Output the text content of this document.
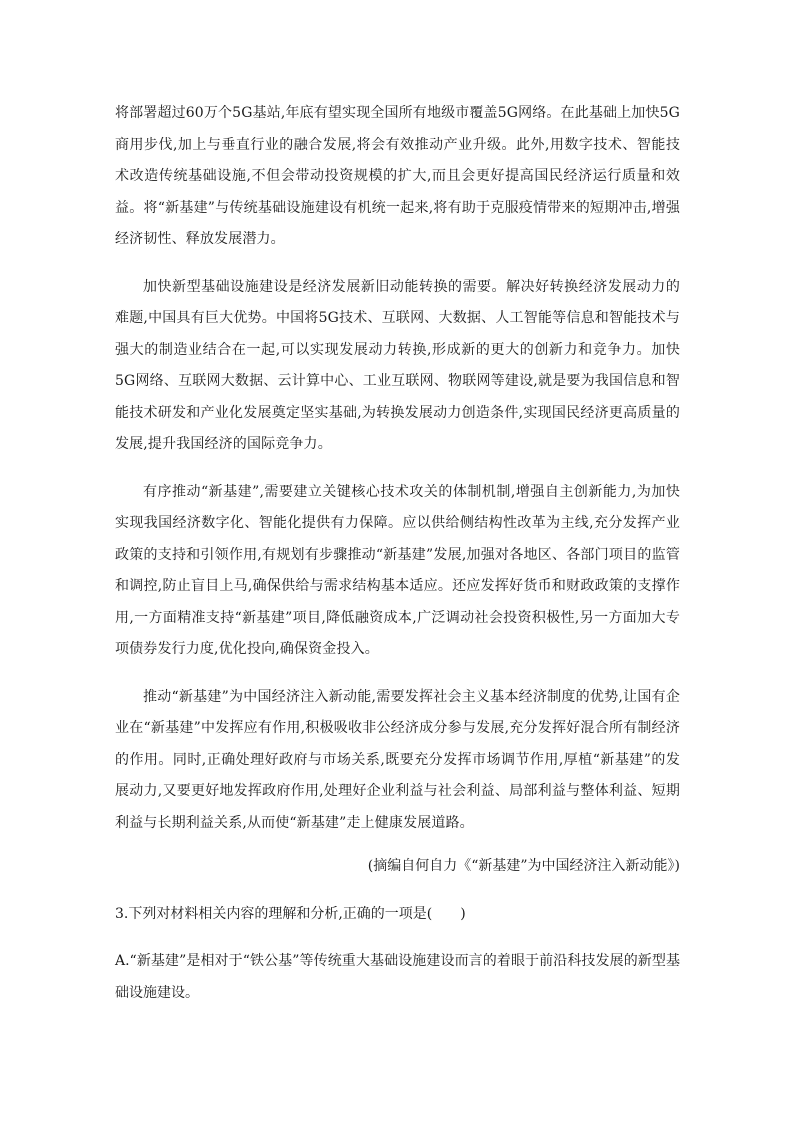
将部署超过60万个5G基站,年底有望实现全国所有地级市覆盖5G网络。在此基础上加快5G商用步伐,加上与垂直行业的融合发展,将会有效推动产业升级。此外,用数字技术、智能技术改造传统基础设施,不但会带动投资规模的扩大,而且会更好提高国民经济运行质量和效益。将“新基建”与传统基础设施建设有机统一起来,将有助于克服疫情带来的短期冲击,增强经济韧性、释放发展潜力。

加快新型基础设施建设是经济发展新旧动能转换的需要。解决好转换经济发展动力的难题,中国具有巨大优势。中国将5G技术、互联网、大数据、人工智能等信息和智能技术与强大的制造业结合在一起,可以实现发展动力转换,形成新的更大的创新力和竞争力。加快5G网络、互联网大数据、云计算中心、工业互联网、物联网等建设,就是要为我国信息和智能技术研发和产业化发展奠定坚实基础,为转换发展动力创造条件,实现国民经济更高质量的发展,提升我国经济的国际竞争力。

有序推动“新基建”,需要建立关键核心技术攻关的体制机制,增强自主创新能力,为加快实现我国经济数字化、智能化提供有力保障。应以供给侧结构性改革为主线,充分发挥产业政策的支持和引领作用,有规划有步骤推动“新基建”发展,加强对各地区、各部门项目的监管和调控,防止盲目上马,确保供给与需求结构基本适应。还应发挥好货币和财政政策的支撑作用,一方面精准支持“新基建”项目,降低融资成本,广泛调动社会投资积极性,另一方面加大专项债券发行力度,优化投向,确保资金投入。

推动“新基建”为中国经济注入新动能,需要发挥社会主义基本经济制度的优势,让国有企业在“新基建”中发挥应有作用,积极吸收非公经济成分参与发展,充分发挥好混合所有制经济的作用。同时,正确处理好政府与市场关系,既要充分发挥市场调节作用,厚植“新基建”的发展动力,又要更好地发挥政府作用,处理好企业利益与社会利益、局部利益与整体利益、短期利益与长期利益关系,从而使“新基建”走上健康发展道路。

(摘编自何自力《“新基建”为中国经济注入新动能》)

3.下列对材料相关内容的理解和分析,正确的一项是(　　)

A.“新基建”是相对于“铁公基”等传统重大基础设施建设而言的着眼于前沿科技发展的新型基础设施建设。
